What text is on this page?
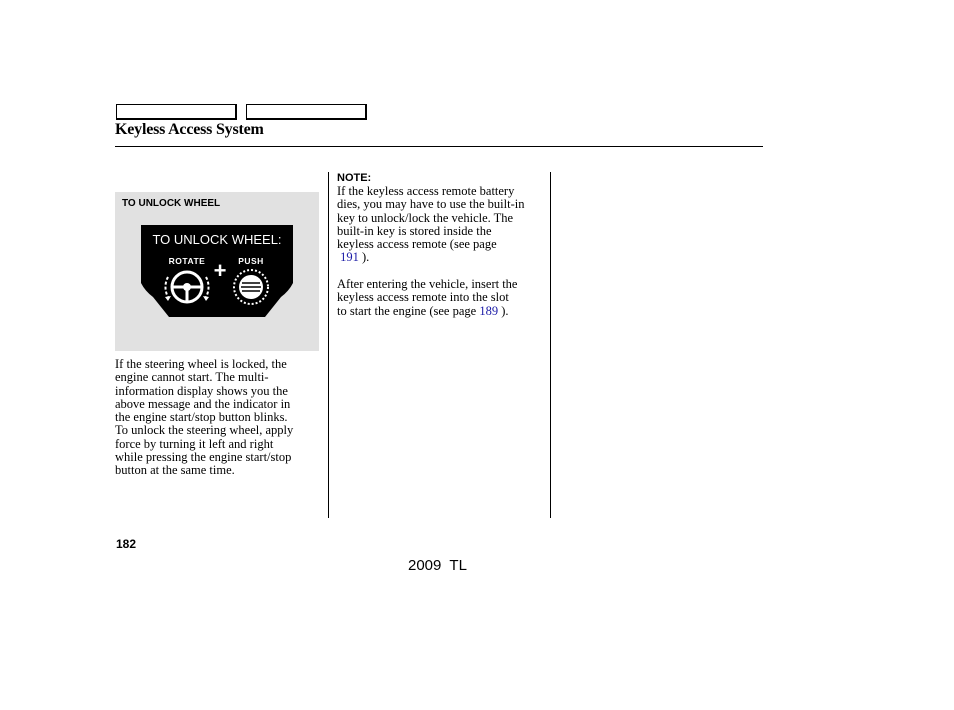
Keyless Access System
TO UNLOCK WHEEL
TO UNLOCK WHEEL:
ROTATE	PUSH
+
If the steering wheel is locked, the
engine cannot start. The multi-
information display shows you the
above message and the indicator in
the engine start/stop button blinks.
To unlock the steering wheel, apply
force by turning it left and right
while pressing the engine start/stop
button at the same time.
NOTE:
If the keyless access remote battery
dies, you may have to use the built-in
key to unlock/lock the vehicle. The
built-in key is stored inside the
keyless access remote (see page
191 ).
After entering the vehicle, insert the
keyless access remote into the slot
to start the engine (see page 189 ).
182
2009  TL
